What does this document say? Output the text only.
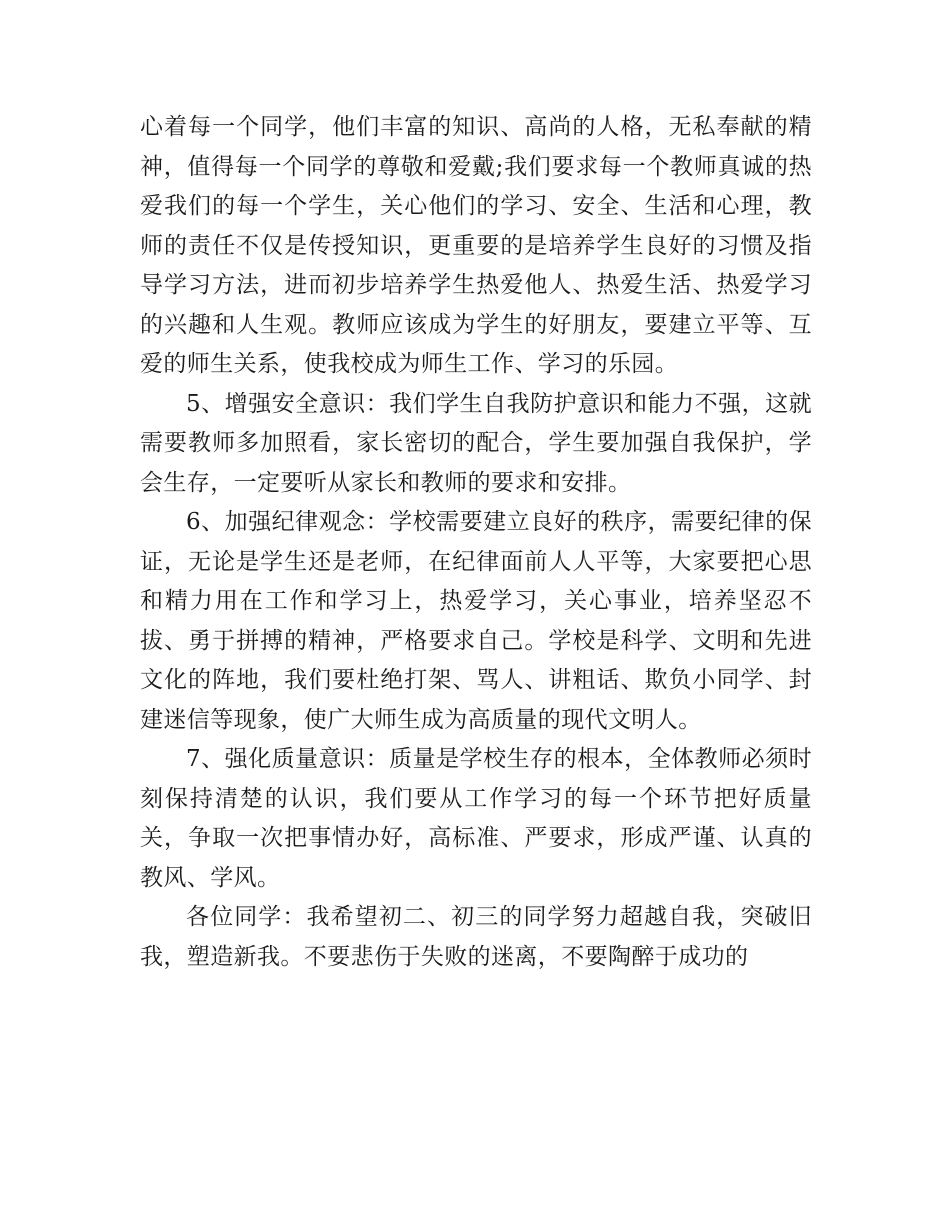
心着每一个同学，他们丰富的知识、高尚的人格，无私奉献的精神，值得每一个同学的尊敬和爱戴;我们要求每一个教师真诚的热爱我们的每一个学生，关心他们的学习、安全、生活和心理，教师的责任不仅是传授知识，更重要的是培养学生良好的习惯及指导学习方法，进而初步培养学生热爱他人、热爱生活、热爱学习的兴趣和人生观。教师应该成为学生的好朋友，要建立平等、互爱的师生关系，使我校成为师生工作、学习的乐园。

5、增强安全意识：我们学生自我防护意识和能力不强，这就需要教师多加照看，家长密切的配合，学生要加强自我保护，学会生存，一定要听从家长和教师的要求和安排。

6、加强纪律观念：学校需要建立良好的秩序，需要纪律的保证，无论是学生还是老师，在纪律面前人人平等，大家要把心思和精力用在工作和学习上，热爱学习，关心事业，培养坚忍不拔、勇于拼搏的精神，严格要求自己。学校是科学、文明和先进文化的阵地，我们要杜绝打架、骂人、讲粗话、欺负小同学、封建迷信等现象，使广大师生成为高质量的现代文明人。

7、强化质量意识：质量是学校生存的根本，全体教师必须时刻保持清楚的认识，我们要从工作学习的每一个环节把好质量关，争取一次把事情办好，高标准、严要求，形成严谨、认真的教风、学风。

各位同学：我希望初二、初三的同学努力超越自我，突破旧我，塑造新我。不要悲伤于失败的迷离，不要陶醉于成功的
